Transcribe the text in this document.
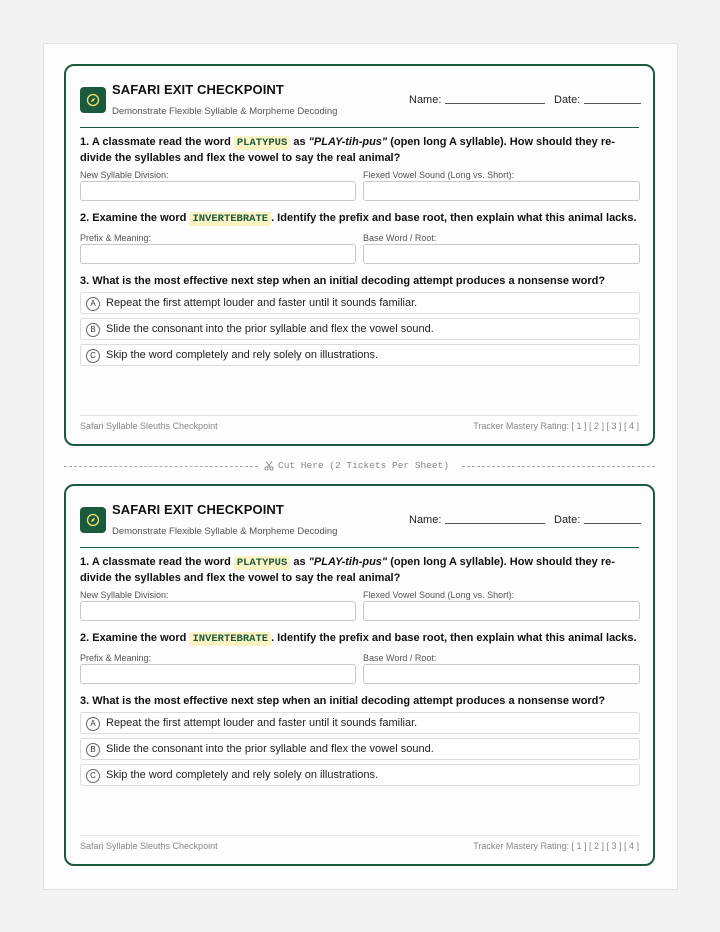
SAFARI EXIT CHECKPOINT
Demonstrate Flexible Syllable & Morpheme Decoding
Name:	Date:
1. A classmate read the word PLATYPUS as "PLAY-tih-pus" (open long A syllable). How should they re-
divide the syllables and flex the vowel to say the real animal?
New Syllable Division:	Flexed Vowel Sound (Long vs. Short):
2. Examine the word INVERTEBRATE . Identify the prefix and base root, then explain what this animal lacks.
Prefix & Meaning:	Base Word / Root:
3. What is the most effective next step when an initial decoding attempt produces a nonsense word?
A Repeat the first attempt louder and faster until it sounds familiar.
B Slide the consonant into the prior syllable and flex the vowel sound.
C Skip the word completely and rely solely on illustrations.
Safari Syllable Sleuths Checkpoint	Tracker Mastery Rating: [ 1 ] [ 2 ] [ 3 ] [ 4 ]
Cut Here (2 Tickets Per Sheet)
SAFARI EXIT CHECKPOINT
Demonstrate Flexible Syllable & Morpheme Decoding
Name:	Date:
1. A classmate read the word PLATYPUS as "PLAY-tih-pus" (open long A syllable). How should they re-
divide the syllables and flex the vowel to say the real animal?
New Syllable Division:	Flexed Vowel Sound (Long vs. Short):
2. Examine the word INVERTEBRATE . Identify the prefix and base root, then explain what this animal lacks.
Prefix & Meaning:	Base Word / Root:
3. What is the most effective next step when an initial decoding attempt produces a nonsense word?
A Repeat the first attempt louder and faster until it sounds familiar.
B Slide the consonant into the prior syllable and flex the vowel sound.
C Skip the word completely and rely solely on illustrations.
Safari Syllable Sleuths Checkpoint	Tracker Mastery Rating: [ 1 ] [ 2 ] [ 3 ] [ 4 ]
